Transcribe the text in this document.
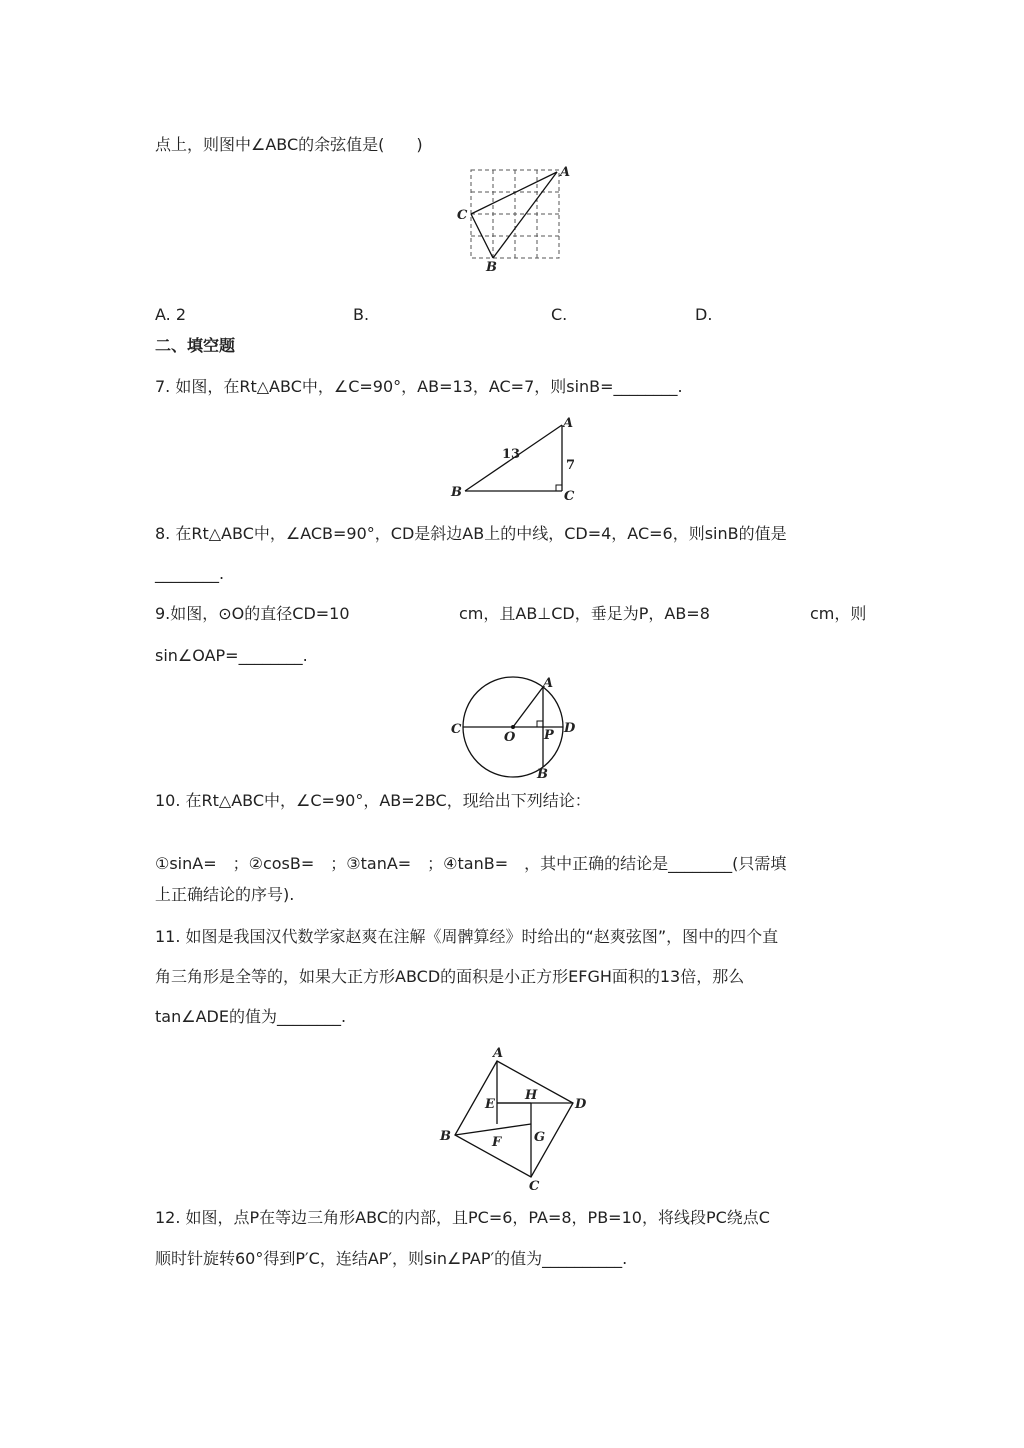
点上，则图中∠ABC的余弦值是(　　)
A
C
B
A. 2	B.	C.	D.
二、填空题
7. 如图，在Rt△ABC中，∠C=90°，AB=13，AC=7，则sinB=________.
A
B	C
13
7
8. 在Rt△ABC中，∠ACB=90°，CD是斜边AB上的中线，CD=4，AC=6，则sinB的值是
________.
9.如图，⊙O的直径CD=10	cm，且AB⊥CD，垂足为P，AB=8	cm，则
sin∠OAP=________.
A
B
C	D
O P
10. 在Rt△ABC中，∠C=90°，AB=2BC，现给出下列结论：
①sinA=　；②cosB=　；③tanA=　；④tanB=　，其中正确的结论是________(只需填
上正确结论的序号).
11. 如图是我国汉代数学家赵爽在注解《周髀算经》时给出的“赵爽弦图”，图中的四个直
角三角形是全等的，如果大正方形ABCD的面积是小正方形EFGH面积的13倍，那么
tan∠ADE的值为________.
A
B
C
D
E
F	G
H
12. 如图，点P在等边三角形ABC的内部，且PC=6，PA=8，PB=10，将线段PC绕点C
顺时针旋转60°得到P′C，连结AP′，则sin∠PAP′的值为__________.
